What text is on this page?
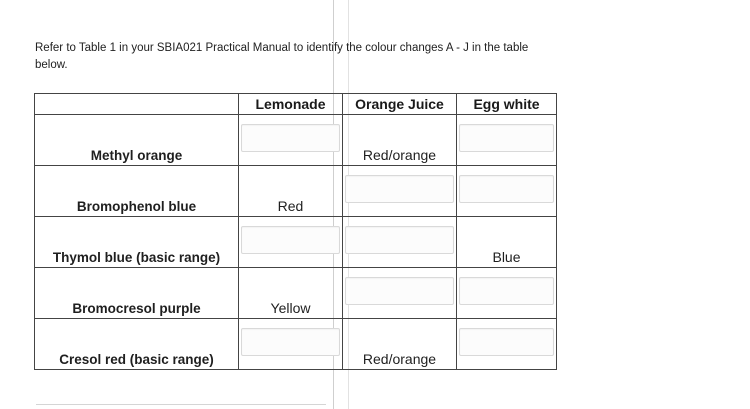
Refer to Table 1 in your SBIA021 Practical Manual to identify the colour changes A - J in the table below.
	Lemonade	Orange Juice	Egg white
Methyl orange		Red/orange	

Bromophenol blue	Red		

Thymol blue (basic range)			Blue

Bromocresol purple	Yellow		

Cresol red (basic range)		Red/orange	
